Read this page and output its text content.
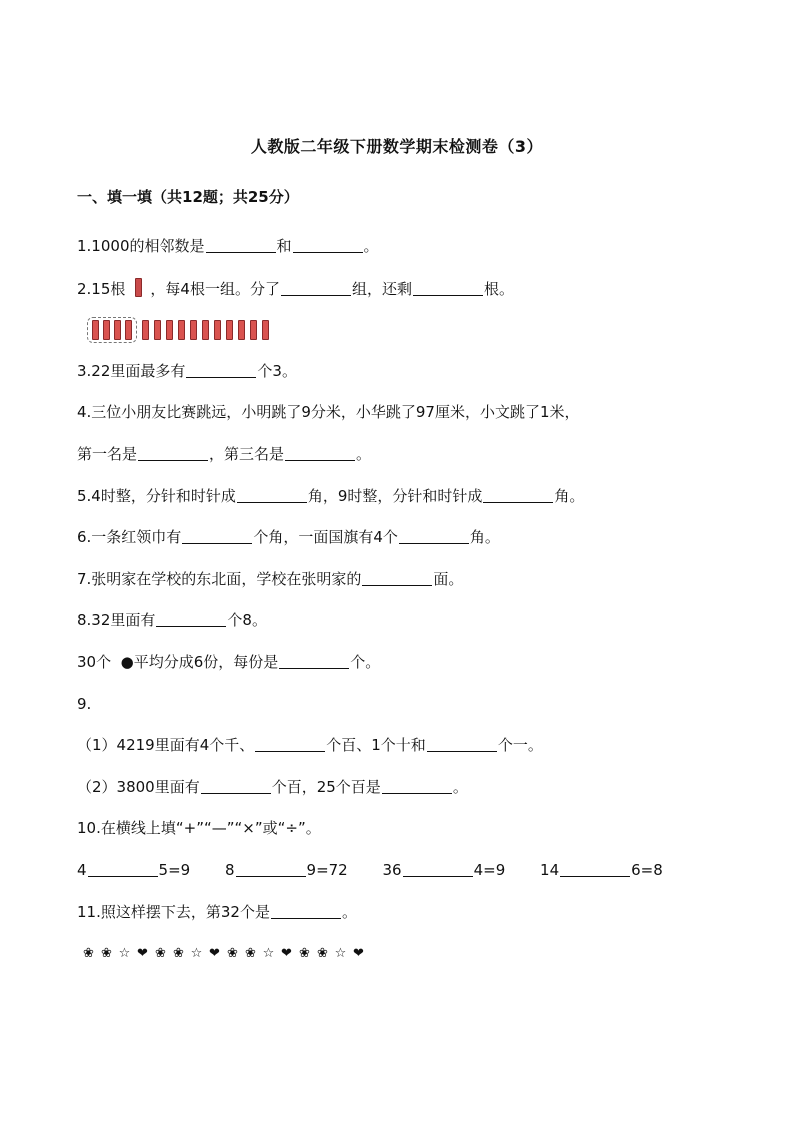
人教版二年级下册数学期末检测卷（3）
一、填一填（共12题；共25分）
1.1000的相邻数是	和	。
2.15根 ，每4根一组。分了	组，还剩	根。
3.22里面最多有	个3。
4.三位小朋友比赛跳远，小明跳了9分米，小华跳了97厘米，小文跳了1米，
第一名是	，第三名是	。
5.4时整，分针和时针成	角，9时整，分针和时针成	角。
6.一条红领巾有	个角，一面国旗有4个	角。
7.张明家在学校的东北面，学校在张明家的	面。
8.32里面有	个8。
30个 ●平均分成6份，每份是	个。
9.
（1）4219里面有4个千、	个百、1个十和	个一。
（2）3800里面有	个百，25个百是	。
10.在横线上填“+”“—”“×”或“÷”。
4	5=9 8	9=72 36	4=9 14	6=8
11.照这样摆下去，第32个是	。
❀ ❀ ☆ ❤ ❀ ❀ ☆ ❤ ❀ ❀ ☆ ❤ ❀ ❀ ☆ ❤
